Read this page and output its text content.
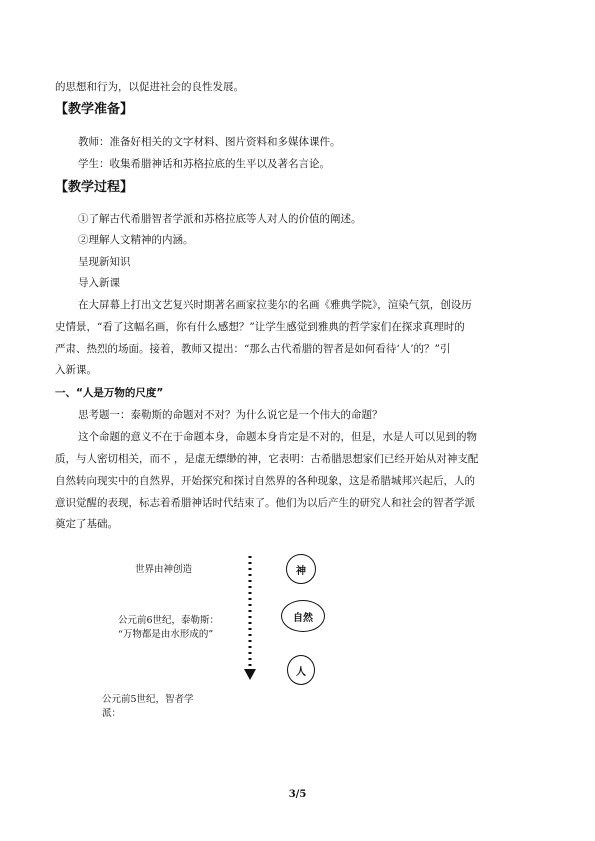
的思想和行为，以促进社会的良性发展。
【教学准备】
教师：准备好相关的文字材料、图片资料和多媒体课件。
学生：收集希腊神话和苏格拉底的生平以及著名言论。
【教学过程】
①了解古代希腊智者学派和苏格拉底等人对人的价值的阐述。
②理解人文精神的内涵。
呈现新知识
导入新课
在大屏幕上打出文艺复兴时期著名画家拉斐尔的名画《雅典学院》，渲染气氛，创设历
史情景，“看了这幅名画，你有什么感想？”让学生感觉到雅典的哲学家们在探求真理时的
严肃、热烈的场面。接着，教师又提出：“那么古代希腊的智者是如何看待‘人’的？”引
入新课。
一、“人是万物的尺度”
思考题一：泰勒斯的命题对不对？为什么说它是一个伟大的命题？
这个命题的意义不在于命题本身，命题本身肯定是不对的，但是，水是人可以见到的物
质，与人密切相关，而不 ，是虚无缥缈的神，它表明：古希腊思想家们已经开始从对神支配
自然转向现实中的自然界，开始探究和探讨自然界的各种现象，这是希腊城邦兴起后，人的
意识觉醒的表现，标志着希腊神话时代结束了。他们为以后产生的研究人和社会的智者学派
奠定了基础。
世界由神创造
公元前6世纪，泰勒斯：
“万物都是由水形成的”
公元前5世纪，智者学
派：
神
自然
人
3/5
